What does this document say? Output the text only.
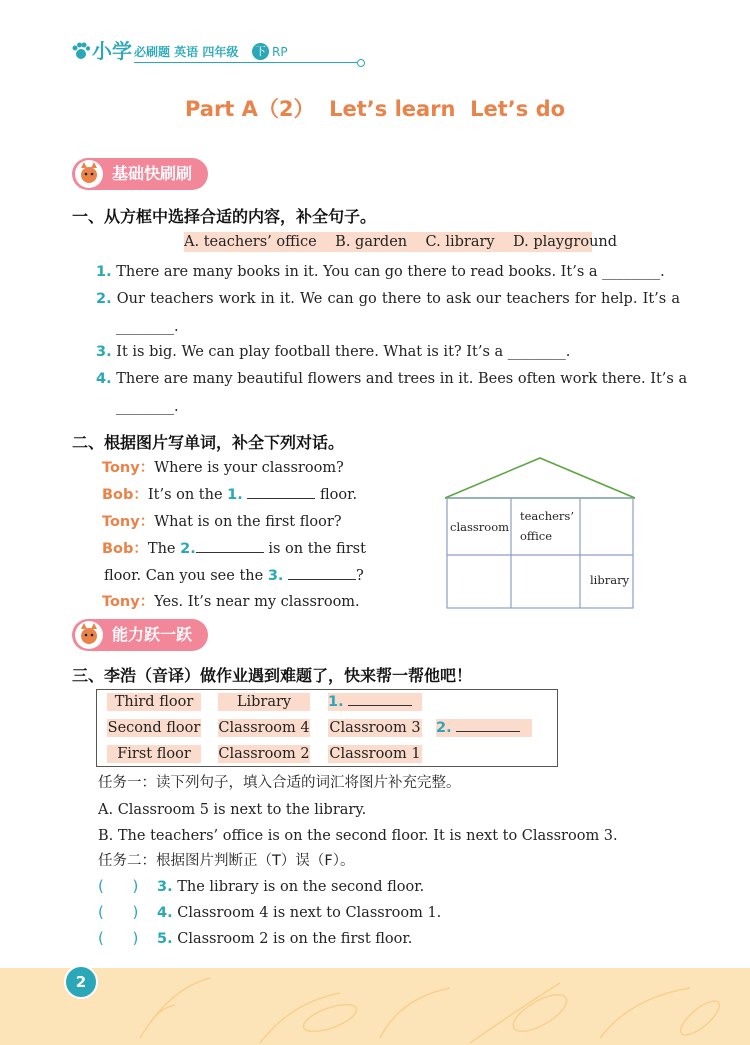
小学 必刷题 英语 四年级 下 RP
Part A（2）  Let’s learn  Let’s do
基础快刷刷
一、从方框中选择合适的内容，补全句子。
A. teachers’ office    B. garden    C. library    D. playground
1. There are many books in it. You can go there to read books. It’s a ________.
2. Our teachers work in it. We can go there to ask our teachers for help. It’s a
________.
3. It is big. We can play football there. What is it? It’s a ________.
4. There are many beautiful flowers and trees in it. Bees often work there. It’s a
________.
二、根据图片写单词，补全下列对话。
Tony：Where is your classroom?
Bob：It’s on the 1.	floor.
Tony：What is on the first floor?
Bob：The 2.	is on the first
floor. Can you see the 3.	?
Tony：Yes. It’s near my classroom.
classroom
teachers’
office
library
能力跃一跃
三、李浩（音译）做作业遇到难题了，快来帮一帮他吧！
Third floor	Library	1.
Second floor Classroom 4 Classroom 3 2.
First floor	Classroom 2 Classroom 1
任务一：读下列句子，填入合适的词汇将图片补充完整。
A. Classroom 5 is next to the library.
B. The teachers’ office is on the second floor. It is next to Classroom 3.
任务二：根据图片判断正（T）误（F）。
(      ) 3. The library is on the second floor.
(      ) 4. Classroom 4 is next to Classroom 1.
(      ) 5. Classroom 2 is on the first floor.
2
